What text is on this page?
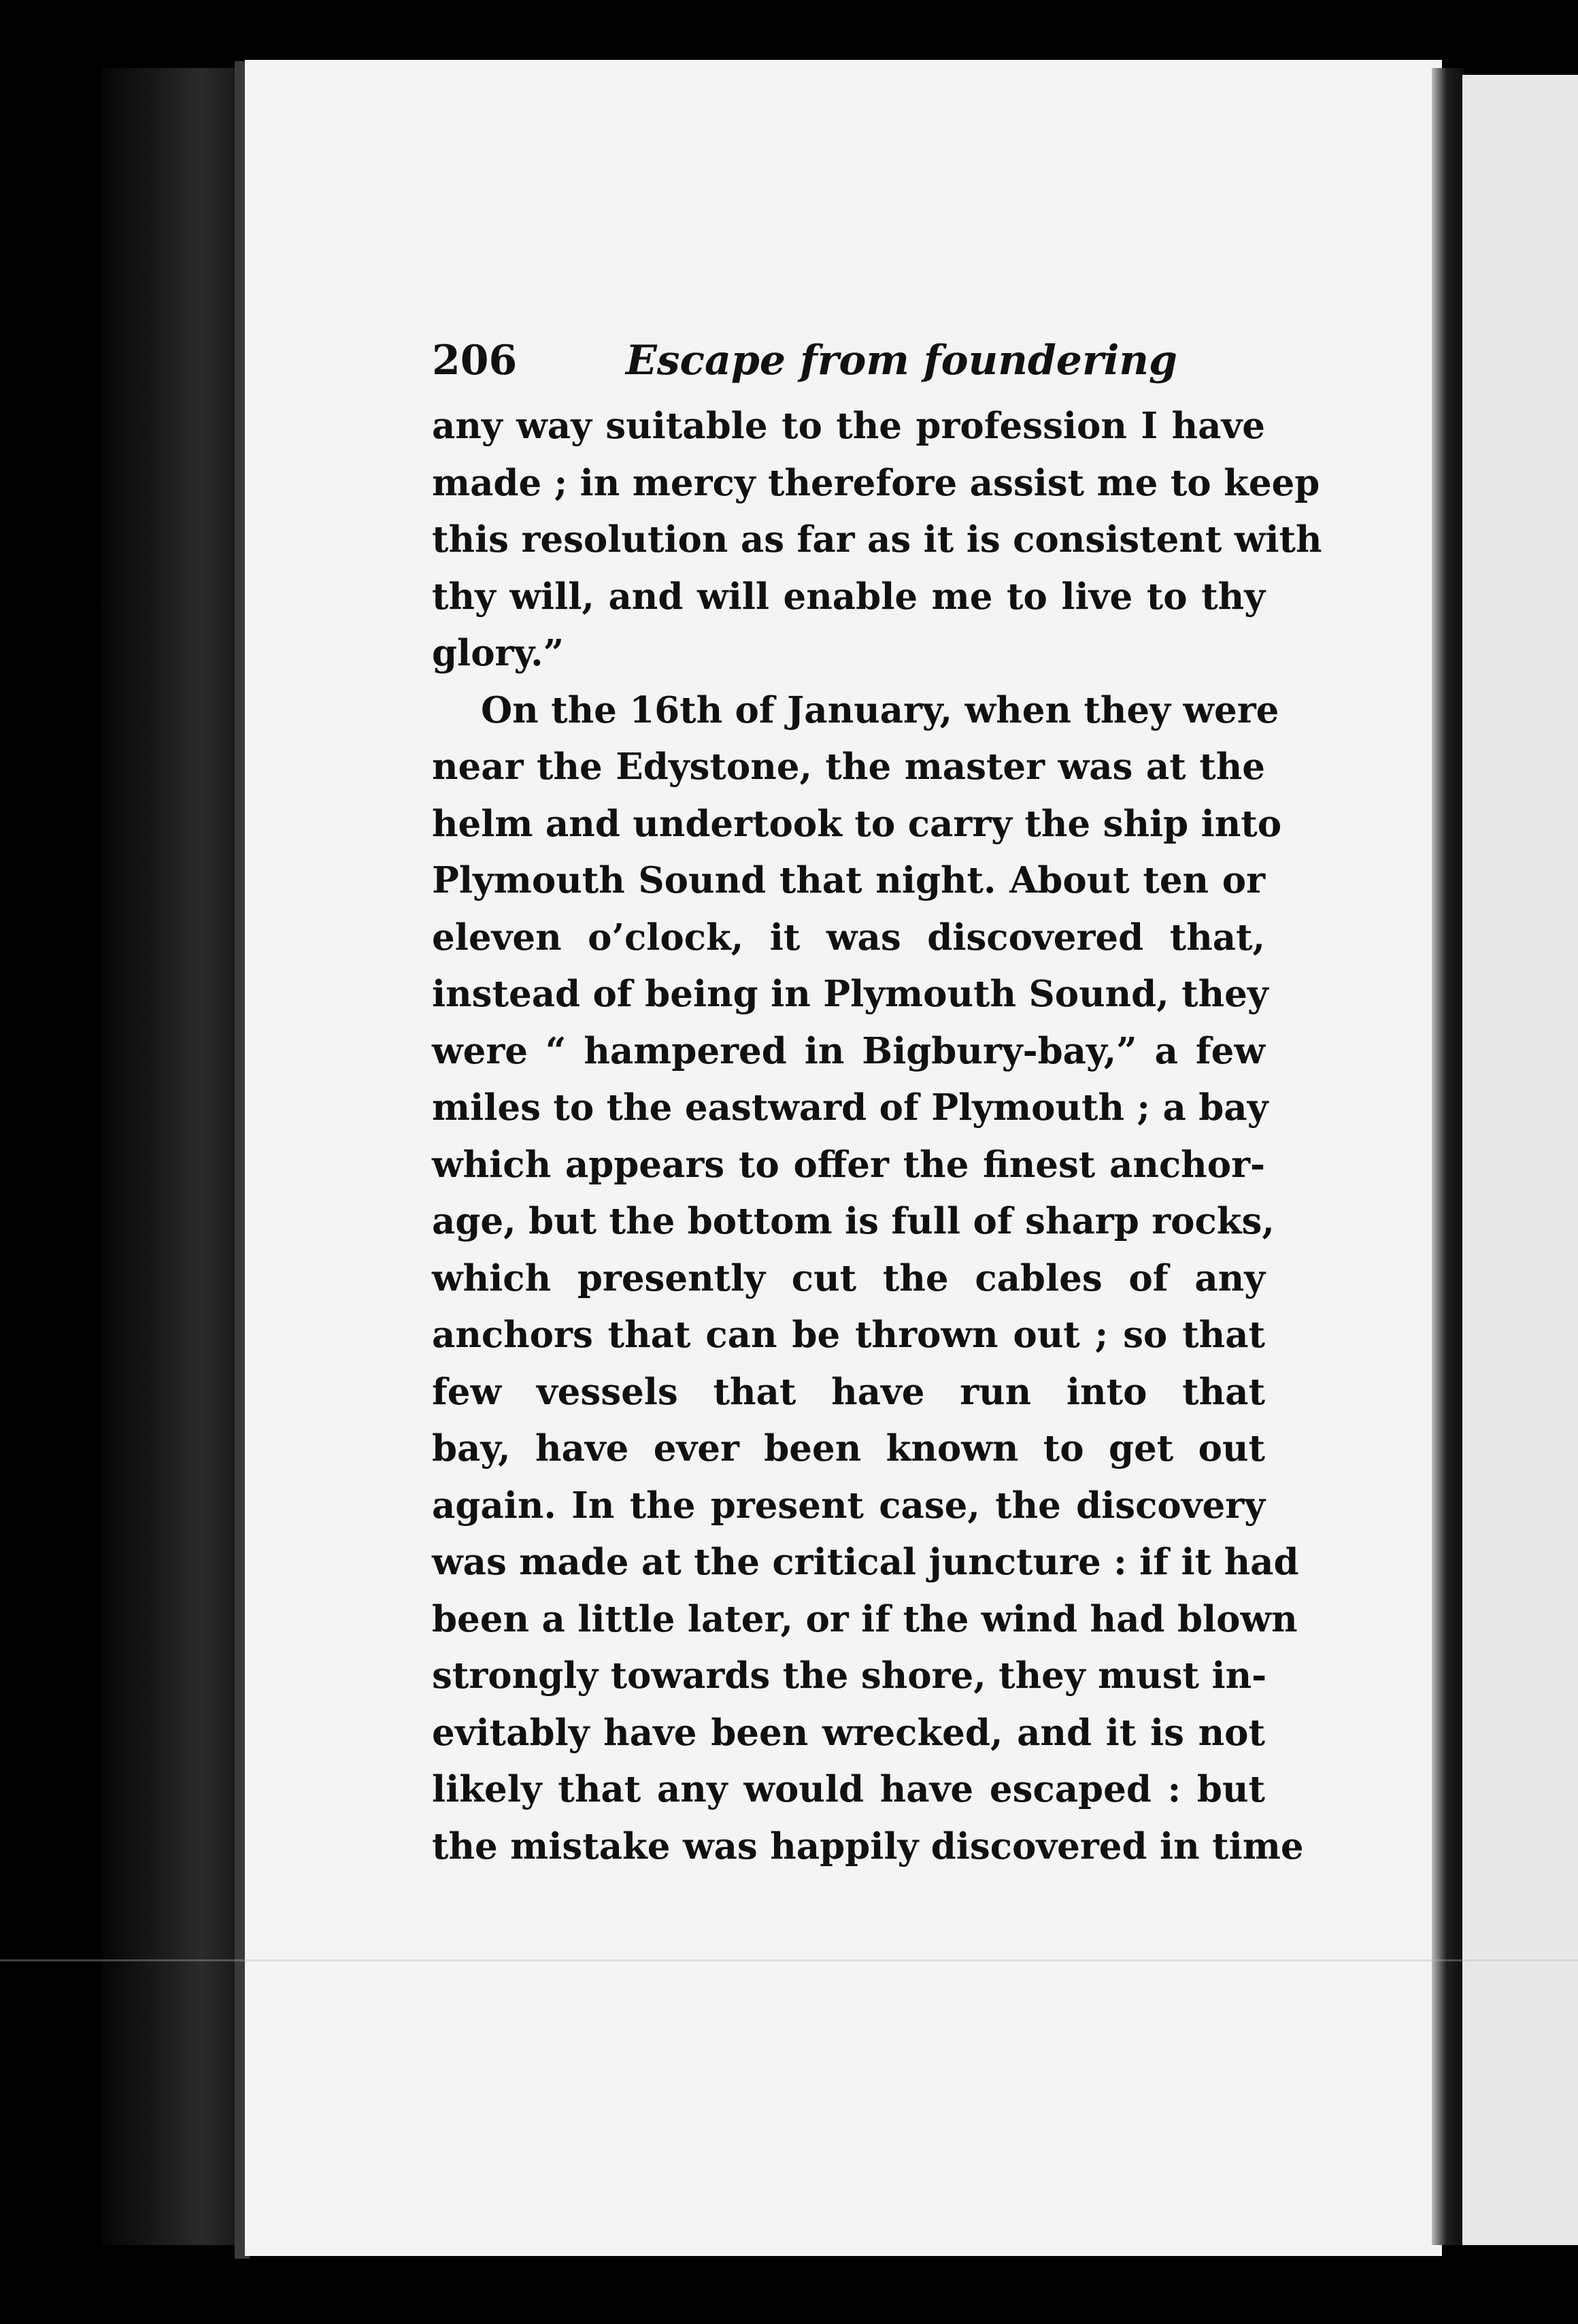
206	Escape from foundering
any way suitable to the profession I have
made ; in mercy therefore assist me to keep
this resolution as far as it is consistent with
thy will, and will enable me to live to thy
glory.”
On the 16th of January, when they were
near the Edystone, the master was at the
helm and undertook to carry the ship into
Plymouth Sound that night. About ten or
eleven o’clock, it was discovered that,
instead of being in Plymouth Sound, they
were “ hampered in Bigbury-bay,” a few
miles to the eastward of Plymouth ; a bay
which appears to offer the finest anchor-
age, but the bottom is full of sharp rocks,
which presently cut the cables of any
anchors that can be thrown out ; so that
few vessels that have run into that
bay, have ever been known to get out
again. In the present case, the discovery
was made at the critical juncture : if it had
been a little later, or if the wind had blown
strongly towards the shore, they must in-
evitably have been wrecked, and it is not
likely that any would have escaped : but
the mistake was happily discovered in time
